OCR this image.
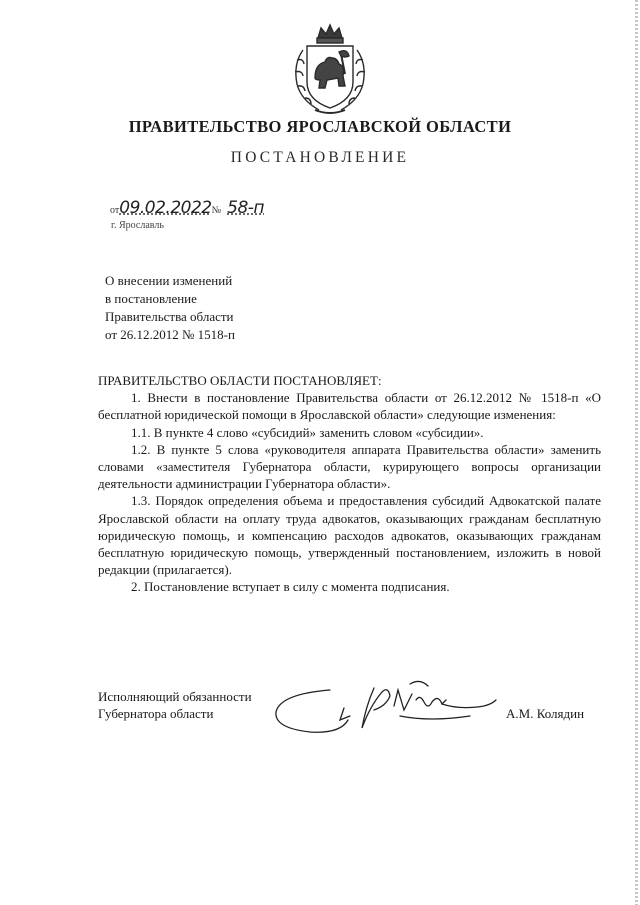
ПРАВИТЕЛЬСТВО ЯРОСЛАВСКОЙ ОБЛАСТИ
ПОСТАНОВЛЕНИЕ
от09.02.2022№ 58-п
г. Ярославль
О внесении изменений
в постановление
Правительства области
от 26.12.2012 № 1518-п

ПРАВИТЕЛЬСТВО ОБЛАСТИ ПОСТАНОВЛЯЕТ:

1. Внести в постановление Правительства области от 26.12.2012 № 1518-п «О бесплатной юридической помощи в Ярославской области» следующие изменения:

1.1. В пункте 4 слово «субсидий» заменить словом «субсидии».

1.2. В пункте 5 слова «руководителя аппарата Правительства области» заменить словами «заместителя Губернатора области, курирующего вопросы организации деятельности администрации Губернатора области».

1.3. Порядок определения объема и предоставления субсидий Адвокатской палате Ярославской области на оплату труда адвокатов, оказывающих гражданам бесплатную юридическую помощь, и компенсацию расходов адвокатов, оказывающих гражданам бесплатную юридическую помощь, утвержденный постановлением, изложить в новой редакции (прилагается).

2. Постановление вступает в силу с момента подписания.

Исполняющий обязанности
Губернатора области	А.М. Колядин
